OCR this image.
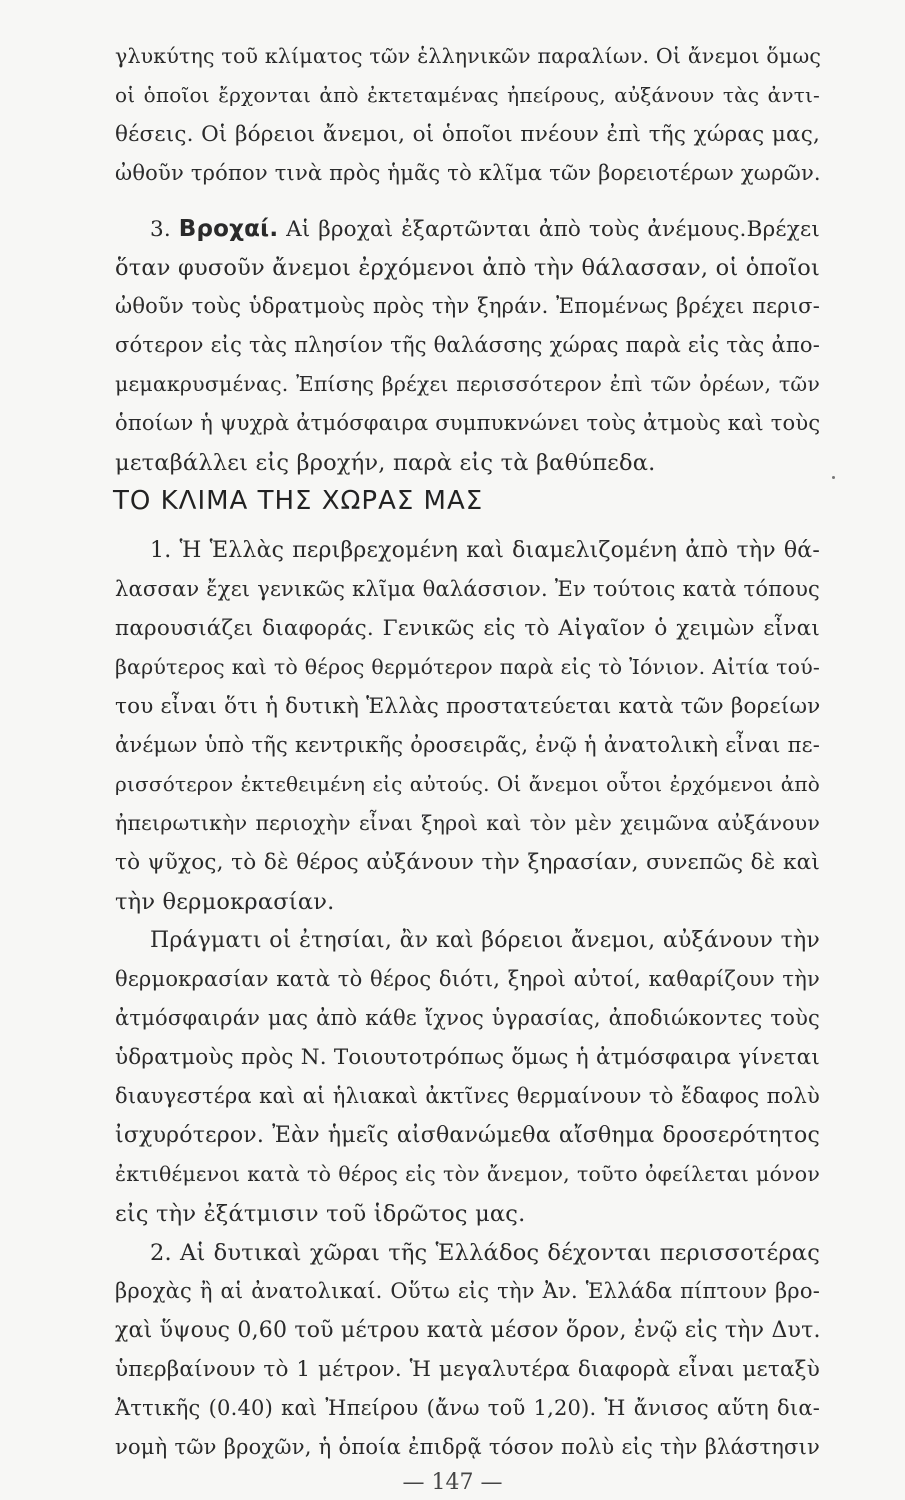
γλυκύτης τοῦ κλίματος τῶν ἑλληνικῶν παραλίων. Οἱ ἄνεμοι ὅμως
οἱ ὁποῖοι ἔρχονται ἀπὸ ἐκτεταμένας ἠπείρους, αὐξάνουν τὰς ἀντι-
θέσεις. Οἱ βόρειοι ἄνεμοι, οἱ ὁποῖοι πνέουν ἐπὶ τῆς χώρας μας,
ὠθοῦν τρόπον τινὰ πρὸς ἡμᾶς τὸ κλῖμα τῶν βορειοτέρων χωρῶν.
3. Βροχαί. Αἱ βροχαὶ ἐξαρτῶνται ἀπὸ τοὺς ἀνέμους.Βρέχει
ὅταν φυσοῦν ἄνεμοι ἐρχόμενοι ἀπὸ τὴν θάλασσαν, οἱ ὁποῖοι
ὠθοῦν τοὺς ὑδρατμοὺς πρὸς τὴν ξηράν. Ἐπομένως βρέχει περισ-
σότερον εἰς τὰς πλησίον τῆς θαλάσσης χώρας παρὰ εἰς τὰς ἀπο-
μεμακρυσμένας. Ἐπίσης βρέχει περισσότερον ἐπὶ τῶν ὀρέων, τῶν
ὁποίων ἡ ψυχρὰ ἀτμόσφαιρα συμπυκνώνει τοὺς ἀτμοὺς καὶ τοὺς
μεταβάλλει εἰς βροχήν, παρὰ εἰς τὰ βαθύπεδα.
ΤΟ ΚΛΙΜΑ ΤΗΣ ΧΩΡΑΣ ΜΑΣ
1. Ἡ Ἑλλὰς περιβρεχομένη καὶ διαμελιζομένη ἀπὸ τὴν θά-
λασσαν ἔχει γενικῶς κλῖμα θαλάσσιον. Ἐν τούτοις κατὰ τόπους
παρουσιάζει διαφοράς. Γενικῶς εἰς τὸ Αἰγαῖον ὁ χειμὼν εἶναι
βαρύτερος καὶ τὸ θέρος θερμότερον παρὰ εἰς τὸ Ἰόνιον. Αἰτία τού-
του εἶναι ὅτι ἡ δυτικὴ Ἑλλὰς προστατεύεται κατὰ τῶν βορείων
ἀνέμων ὑπὸ τῆς κεντρικῆς ὀροσειρᾶς, ἐνῷ ἡ ἀνατολικὴ εἶναι πε-
ρισσότερον ἐκτεθειμένη εἰς αὐτούς. Οἱ ἄνεμοι οὗτοι ἐρχόμενοι ἀπὸ
ἠπειρωτικὴν περιοχὴν εἶναι ξηροὶ καὶ τὸν μὲν χειμῶνα αὐξάνουν
τὸ ψῦχος, τὸ δὲ θέρος αὐξάνουν τὴν ξηρασίαν, συνεπῶς δὲ καὶ
τὴν θερμοκρασίαν.
Πράγματι οἱ ἐτησίαι, ἂν καὶ βόρειοι ἄνεμοι, αὐξάνουν τὴν
θερμοκρασίαν κατὰ τὸ θέρος διότι, ξηροὶ αὐτοί, καθαρίζουν τὴν
ἀτμόσφαιράν μας ἀπὸ κάθε ἴχνος ὑγρασίας, ἀποδιώκοντες τοὺς
ὑδρατμοὺς πρὸς Ν. Τοιουτοτρόπως ὅμως ἡ ἀτμόσφαιρα γίνεται
διαυγεστέρα καὶ αἱ ἡλιακαὶ ἀκτῖνες θερμαίνουν τὸ ἔδαφος πολὺ
ἰσχυρότερον. Ἐὰν ἡμεῖς αἰσθανώμεθα αἴσθημα δροσερότητος
ἐκτιθέμενοι κατὰ τὸ θέρος εἰς τὸν ἄνεμον, τοῦτο ὀφείλεται μόνον
εἰς τὴν ἐξάτμισιν τοῦ ἱδρῶτος μας.
2. Αἱ δυτικαὶ χῶραι τῆς Ἑλλάδος δέχονται περισσοτέρας
βροχὰς ἢ αἱ ἀνατολικαί. Οὕτω εἰς τὴν Ἀν. Ἑλλάδα πίπτουν βρο-
χαὶ ὕψους 0,60 τοῦ μέτρου κατὰ μέσον ὅρον, ἐνῷ εἰς τὴν Δυτ.
ὑπερβαίνουν τὸ 1 μέτρον. Ἡ μεγαλυτέρα διαφορὰ εἶναι μεταξὺ
Ἀττικῆς (0.40) καὶ Ἠπείρου (ἄνω τοῦ 1,20). Ἡ ἄνισος αὕτη δια-
νομὴ τῶν βροχῶν, ἡ ὁποία ἐπιδρᾷ τόσον πολὺ εἰς τὴν βλάστησιν
— 147 —
